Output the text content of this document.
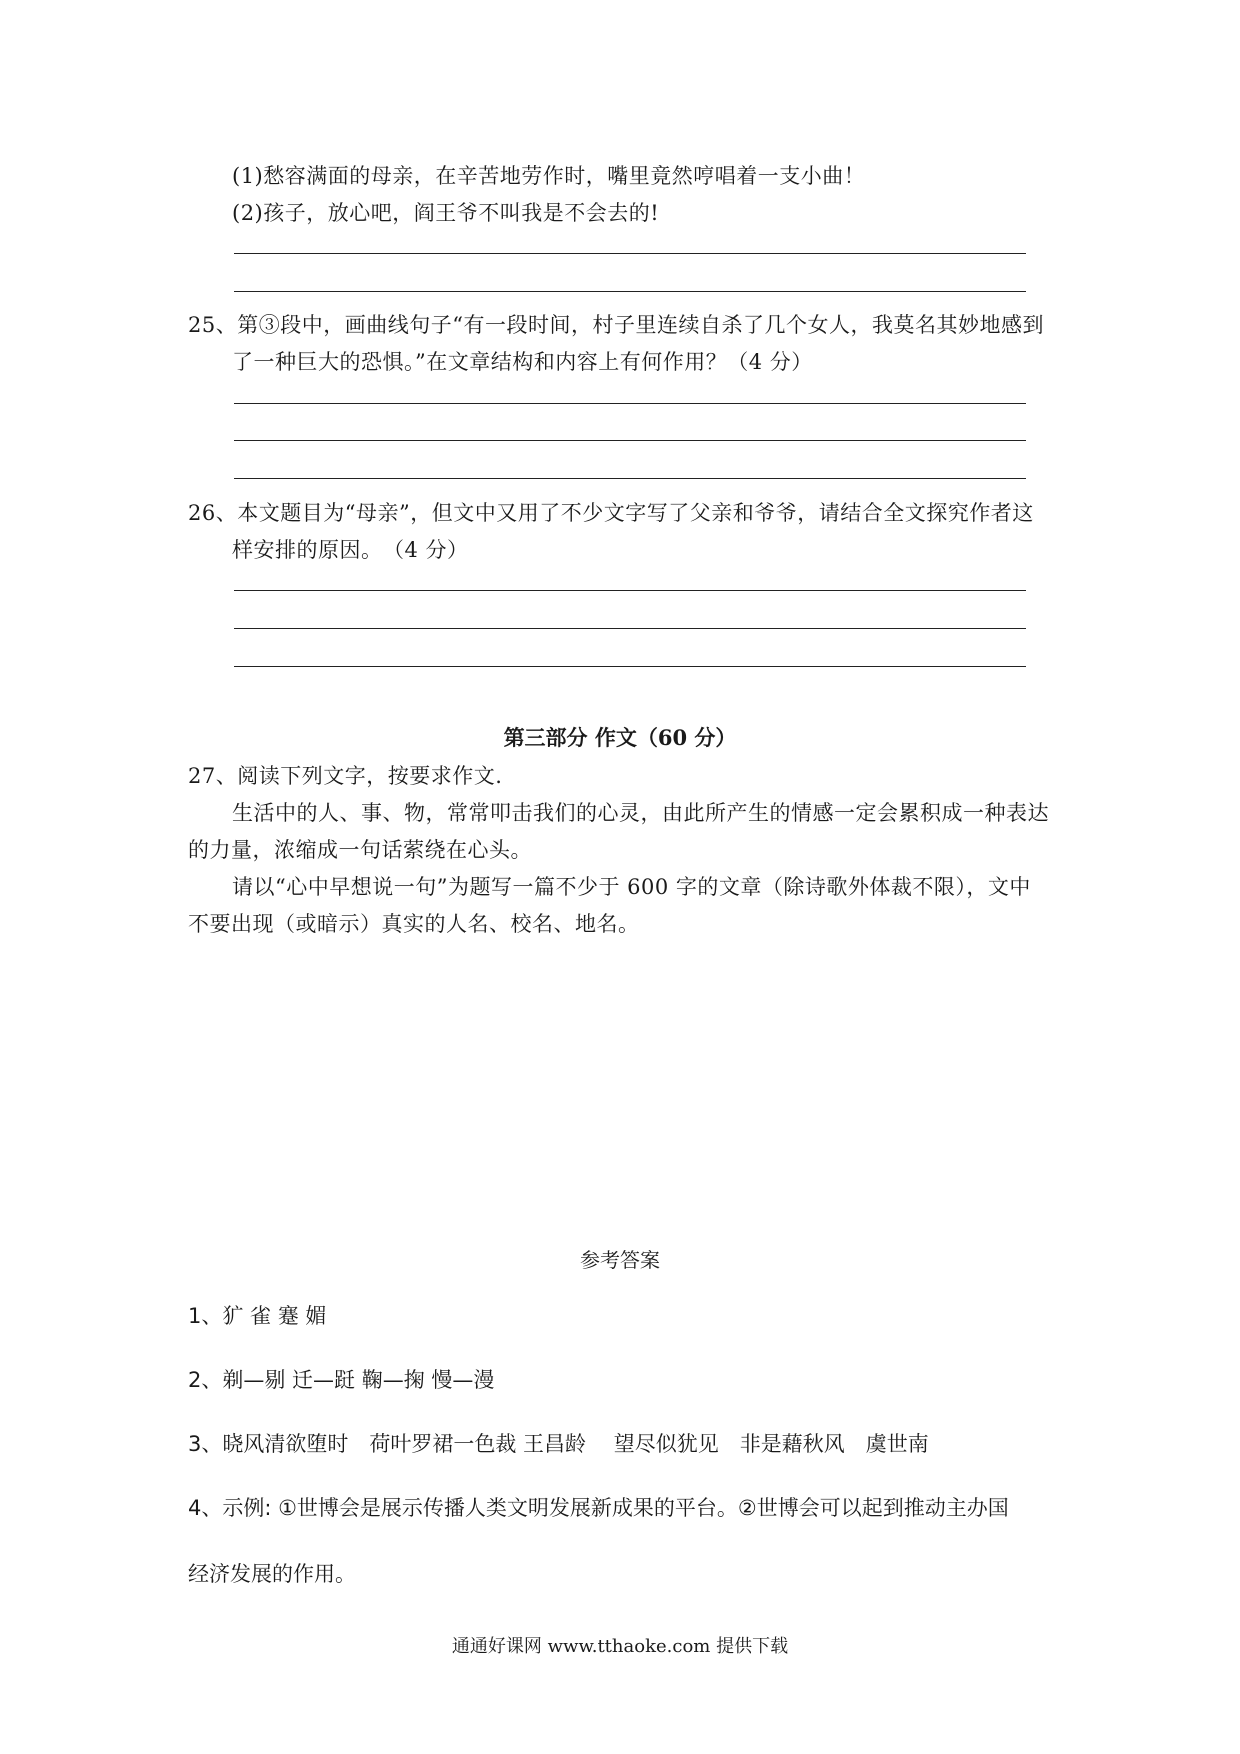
(1)愁容满面的母亲，在辛苦地劳作时，嘴里竟然哼唱着一支小曲！
(2)孩子，放心吧，阎王爷不叫我是不会去的!
25、第③段中，画曲线句子“有一段时间，村子里连续自杀了几个女人，我莫名其妙地感到
了一种巨大的恐惧。”在文章结构和内容上有何作用？（4 分）
26、本文题目为“母亲”，但文中又用了不少文字写了父亲和爷爷，请结合全文探究作者这
样安排的原因。　（4 分）
第三部分 作文（60 分）
27、阅读下列文字，按要求作文.
生活中的人、事、物，常常叩击我们的心灵，由此所产生的情感一定会累积成一种表达
的力量，浓缩成一句话萦绕在心头。
请以“心中早想说一句”为题写一篇不少于 600 字的文章（除诗歌外体裁不限），文中
不要出现（或暗示）真实的人名、校名、地名。
参考答案
1、犷 雀 蹇 媚
2、剃—剔 迁—跹 鞠—掬 慢—漫
3、晓风清欲堕时　荷叶罗裙一色裁 王昌龄　 望尽似犹见　非是藉秋风　虞世南
4、示例: ①世博会是展示传播人类文明发展新成果的平台。②世博会可以起到推动主办国
经济发展的作用。
通通好课网 www.tthaoke.com 提供下载
